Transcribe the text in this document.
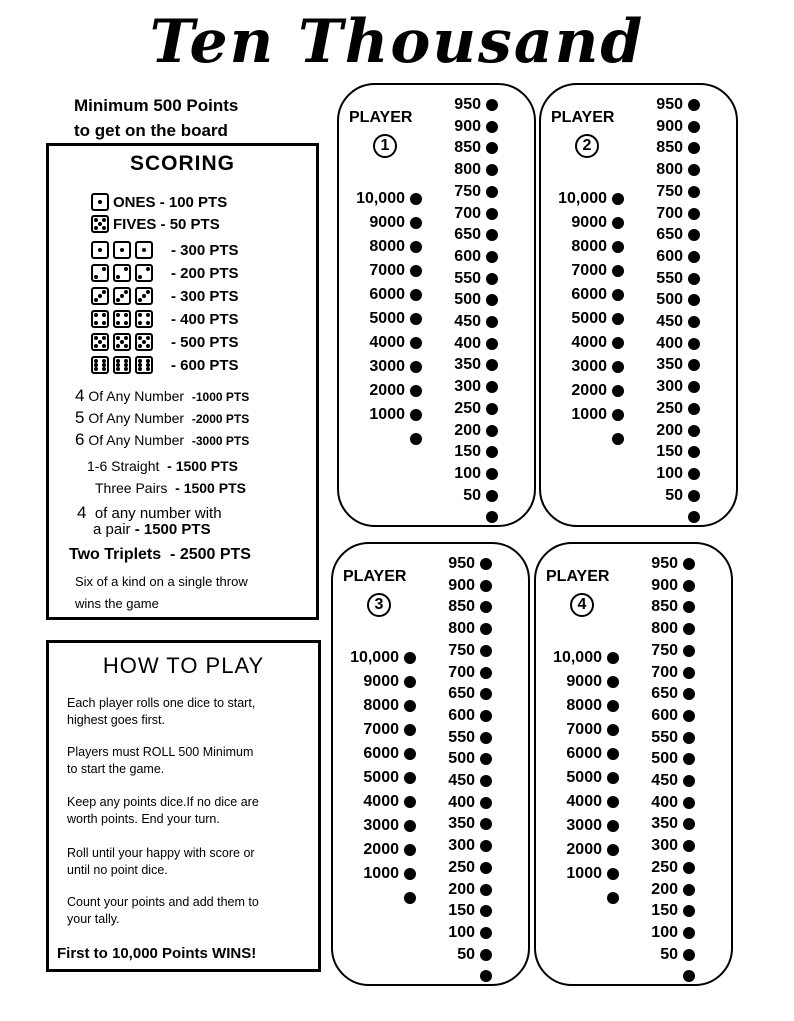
Ten Thousand
Minimum 500 Points
to get on the board
SCORING
ONES
- 100 PTS
FIVES
- 50 PTS
- 300 PTS
- 200 PTS
- 300 PTS
- 400 PTS
- 500 PTS
- 600 PTS
4 Of Any Number -1000 PTS
5 Of Any Number -2000 PTS
6 Of Any Number -3000 PTS
1-6 Straight - 1500 PTS
Three Pairs - 1500 PTS
4 of any number with
a pair - 1500 PTS
Two Triplets - 2500 PTS
Six of a kind on a single throw
wins the game
HOW TO PLAY
Each player rolls one dice to start,
highest goes first.
Players must ROLL 500 Minimum
to start the game.
Keep any points dice.If no dice are
worth points. End your turn.
Roll until your happy with score or
until no point dice.
Count your points and add them to
your tally.
First to 10,000 Points WINS!
PLAYER
1
10,000
9000
8000
7000
6000
5000
4000
3000
2000
1000
950
900
850
800
750
700
650
600
550
500
450
400
350
300
250
200
150
100
50
PLAYER
2
10,000
9000
8000
7000
6000
5000
4000
3000
2000
1000
950
900
850
800
750
700
650
600
550
500
450
400
350
300
250
200
150
100
50
PLAYER
3
10,000
9000
8000
7000
6000
5000
4000
3000
2000
1000
950
900
850
800
750
700
650
600
550
500
450
400
350
300
250
200
150
100
50
PLAYER
4
10,000
9000
8000
7000
6000
5000
4000
3000
2000
1000
950
900
850
800
750
700
650
600
550
500
450
400
350
300
250
200
150
100
50
